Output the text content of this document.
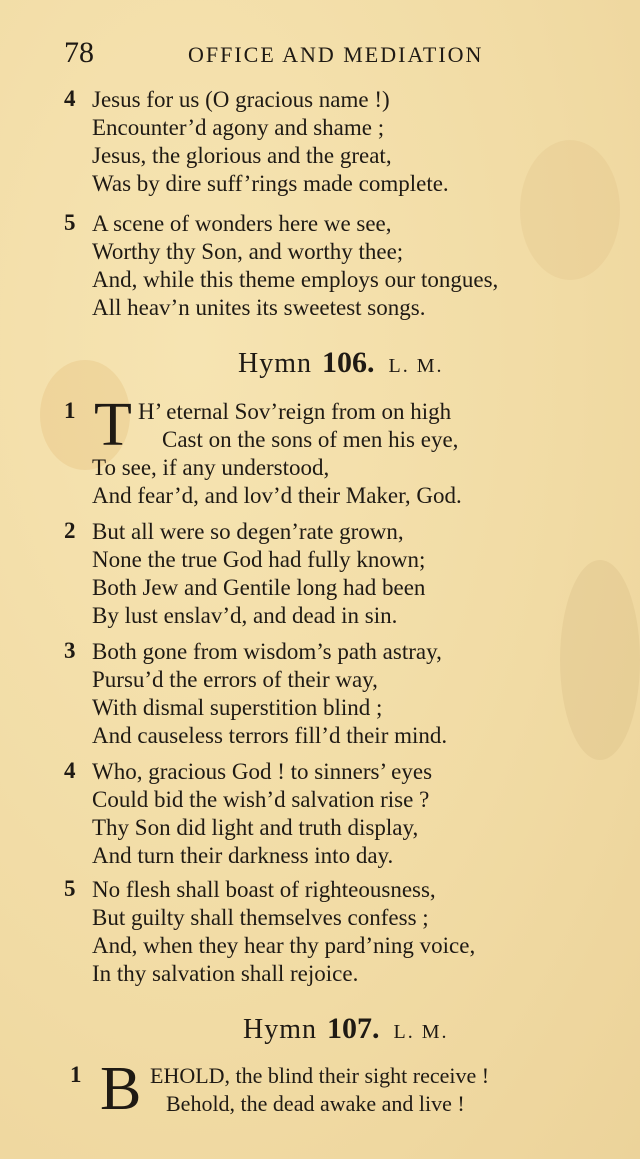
78	OFFICE AND MEDIATION
4 Jesus for us (O gracious name !)
Encounter’d agony and shame ;
Jesus, the glorious and the great,
Was by dire suff’rings made complete.
5 A scene of wonders here we see,
Worthy thy Son, and worthy thee;
And, while this theme employs our tongues,
All heav’n unites its sweetest songs.
Hymn 106. L. M.
1 T H’ eternal Sov’reign from on high
Cast on the sons of men his eye,
To see, if any understood,
And fear’d, and lov’d their Maker, God.
2 But all were so degen’rate grown,
None the true God had fully known;
Both Jew and Gentile long had been
By lust enslav’d, and dead in sin.
3 Both gone from wisdom’s path astray,
Pursu’d the errors of their way,
With dismal superstition blind ;
And causeless terrors fill’d their mind.
4 Who, gracious God ! to sinners’ eyes
Could bid the wish’d salvation rise ?
Thy Son did light and truth display,
And turn their darkness into day.
5 No flesh shall boast of righteousness,
But guilty shall themselves confess ;
And, when they hear thy pard’ning voice,
In thy salvation shall rejoice.
Hymn 107. L. M.
1 B EHOLD, the blind their sight receive !
Behold, the dead awake and live !
